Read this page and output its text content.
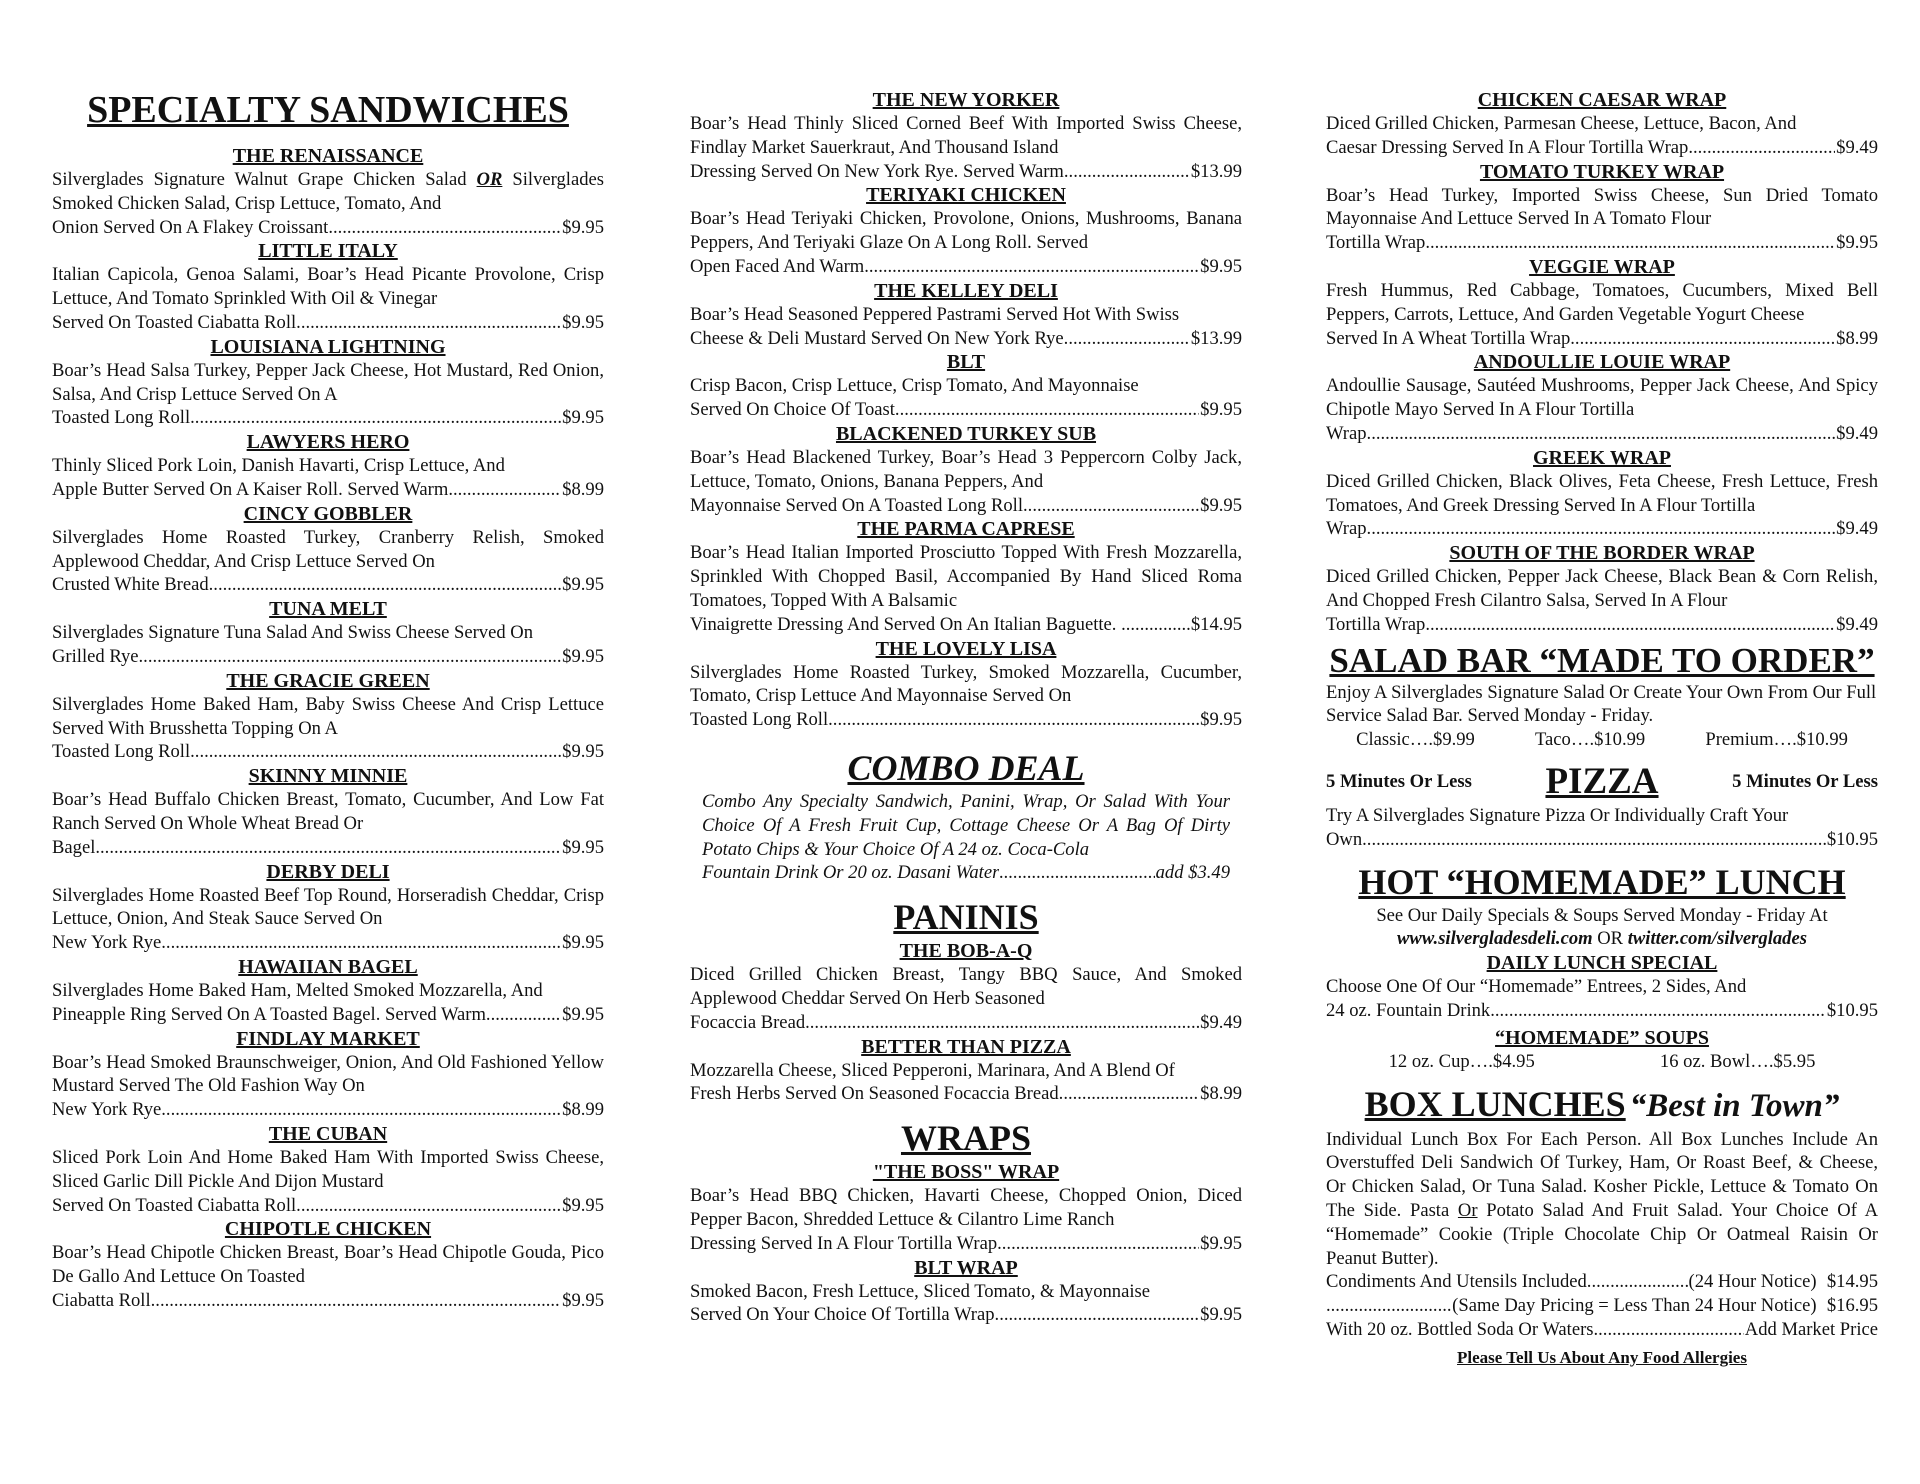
SPECIALTY SANDWICHES
THE RENAISSANCE

Silverglades Signature Walnut Grape Chicken Salad OR Silverglades Smoked Chicken Salad, Crisp Lettuce, Tomato, And

Onion Served On A Flakey Croissant .....	$9.95
LITTLE ITALY

Italian Capicola, Genoa Salami, Boar’s Head Picante Provolone, Crisp Lettuce, And Tomato Sprinkled With Oil & Vinegar

Served On Toasted Ciabatta Roll .....	$9.95
LOUISIANA LIGHTNING

Boar’s Head Salsa Turkey, Pepper Jack Cheese, Hot Mustard, Red Onion, Salsa, And Crisp Lettuce Served On A

Toasted Long Roll .....	$9.95
LAWYERS HERO

Thinly Sliced Pork Loin, Danish Havarti, Crisp Lettuce, And

Apple Butter Served On A Kaiser Roll. Served Warm .....	$8.99
CINCY GOBBLER

Silverglades Home Roasted Turkey, Cranberry Relish, Smoked Applewood Cheddar, And Crisp Lettuce Served On

Crusted White Bread .....	$9.95
TUNA MELT

Silverglades Signature Tuna Salad And Swiss Cheese Served On

Grilled Rye .....	$9.95
THE GRACIE GREEN

Silverglades Home Baked Ham, Baby Swiss Cheese And Crisp Lettuce Served With Brusshetta Topping On A

Toasted Long Roll .....	$9.95
SKINNY MINNIE

Boar’s Head Buffalo Chicken Breast, Tomato, Cucumber, And Low Fat Ranch Served On Whole Wheat Bread Or

Bagel .....	$9.95
DERBY DELI

Silverglades Home Roasted Beef Top Round, Horseradish Cheddar, Crisp Lettuce, Onion, And Steak Sauce Served On

New York Rye .....	$9.95
HAWAIIAN BAGEL

Silverglades Home Baked Ham, Melted Smoked Mozzarella, And

Pineapple Ring Served On A Toasted Bagel. Served Warm. .....	$9.95
FINDLAY MARKET

Boar’s Head Smoked Braunschweiger, Onion, And Old Fashioned Yellow Mustard Served The Old Fashion Way On

New York Rye .....	$8.99
THE CUBAN

Sliced Pork Loin And Home Baked Ham With Imported Swiss Cheese, Sliced Garlic Dill Pickle And Dijon Mustard

Served On Toasted Ciabatta Roll .....	$9.95
CHIPOTLE CHICKEN

Boar’s Head Chipotle Chicken Breast, Boar’s Head Chipotle Gouda, Pico De Gallo And Lettuce On Toasted

Ciabatta Roll .....	$9.95
THE NEW YORKER

Boar’s Head Thinly Sliced Corned Beef With Imported Swiss Cheese, Findlay Market Sauerkraut, And Thousand Island

Dressing Served On New York Rye. Served Warm .....	$13.99
TERIYAKI CHICKEN

Boar’s Head Teriyaki Chicken, Provolone, Onions, Mushrooms, Banana Peppers, And Teriyaki Glaze On A Long Roll. Served

Open Faced And Warm .....	$9.95
THE KELLEY DELI

Boar’s Head Seasoned Peppered Pastrami Served Hot With Swiss

Cheese & Deli Mustard Served On New York Rye .....	$13.99
BLT

Crisp Bacon, Crisp Lettuce, Crisp Tomato, And Mayonnaise

Served On Choice Of Toast .....	$9.95
BLACKENED TURKEY SUB

Boar’s Head Blackened Turkey, Boar’s Head 3 Peppercorn Colby Jack, Lettuce, Tomato, Onions, Banana Peppers, And

Mayonnaise Served On A Toasted Long Roll .....	$9.95
THE PARMA CAPRESE

Boar’s Head Italian Imported Prosciutto Topped With Fresh Mozzarella, Sprinkled With Chopped Basil, Accompanied By Hand Sliced Roma Tomatoes, Topped With A Balsamic

Vinaigrette Dressing And Served On An Italian Baguette. . .....	$14.95
THE LOVELY LISA

Silverglades Home Roasted Turkey, Smoked Mozzarella, Cucumber, Tomato, Crisp Lettuce And Mayonnaise Served On

Toasted Long Roll .....	$9.95
COMBO DEAL

Combo Any Specialty Sandwich, Panini, Wrap, Or Salad With Your Choice Of A Fresh Fruit Cup, Cottage Cheese Or A Bag Of Dirty Potato Chips & Your Choice Of A 24 oz. Coca-Cola

Fountain Drink Or 20 oz. Dasani Water .....	add $3.49
PANINIS
THE BOB-A-Q

Diced Grilled Chicken Breast, Tangy BBQ Sauce, And Smoked Applewood Cheddar Served On Herb Seasoned

Focaccia Bread .....	$9.49
BETTER THAN PIZZA

Mozzarella Cheese, Sliced Pepperoni, Marinara, And A Blend Of

Fresh Herbs Served On Seasoned Focaccia Bread .....	$8.99
WRAPS
"THE BOSS" WRAP

Boar’s Head BBQ Chicken, Havarti Cheese, Chopped Onion, Diced Pepper Bacon, Shredded Lettuce & Cilantro Lime Ranch

Dressing Served In A Flour Tortilla Wrap .....	$9.95
BLT WRAP

Smoked Bacon, Fresh Lettuce, Sliced Tomato, & Mayonnaise

Served On Your Choice Of Tortilla Wrap .....	$9.95
CHICKEN CAESAR WRAP

Diced Grilled Chicken, Parmesan Cheese, Lettuce, Bacon, And

Caesar Dressing Served In A Flour Tortilla Wrap .....	$9.49
TOMATO TURKEY WRAP

Boar’s Head Turkey, Imported Swiss Cheese, Sun Dried Tomato Mayonnaise And Lettuce Served In A Tomato Flour

Tortilla Wrap .....	$9.95
VEGGIE WRAP

Fresh Hummus, Red Cabbage, Tomatoes, Cucumbers, Mixed Bell Peppers, Carrots, Lettuce, And Garden Vegetable Yogurt Cheese

Served In A Wheat Tortilla Wrap .....	$8.99
ANDOULLIE LOUIE WRAP

Andoullie Sausage, Sautéed Mushrooms, Pepper Jack Cheese, And Spicy Chipotle Mayo Served In A Flour Tortilla

Wrap .....	$9.49
GREEK WRAP

Diced Grilled Chicken, Black Olives, Feta Cheese, Fresh Lettuce, Fresh Tomatoes, And Greek Dressing Served In A Flour Tortilla

Wrap .....	$9.49
SOUTH OF THE BORDER WRAP

Diced Grilled Chicken, Pepper Jack Cheese, Black Bean & Corn Relish, And Chopped Fresh Cilantro Salsa, Served In A Flour

Tortilla Wrap .....	$9.49
SALAD BAR “MADE TO ORDER”

Enjoy A Silverglades Signature Salad Or Create Your Own From Our Full Service Salad Bar. Served Monday - Friday.

Classic….$9.99	Taco….$10.99	Premium….$10.99
5 Minutes Or Less PIZZA	5 Minutes Or Less

Try A Silverglades Signature Pizza Or Individually Craft Your

Own .....	$10.95
HOT “HOMEMADE” LUNCH

See Our Daily Specials & Soups Served Monday - Friday At

www.silvergladesdeli.com OR twitter.com/silverglades

DAILY LUNCH SPECIAL

Choose One Of Our “Homemade” Entrees, 2 Sides, And

24 oz. Fountain Drink .....	$10.95
“HOMEMADE” SOUPS
12 oz. Cup….$4.95	16 oz. Bowl….$5.95
BOX LUNCHES “Best in Town”

Individual Lunch Box For Each Person. All Box Lunches Include An Overstuffed Deli Sandwich Of Turkey, Ham, Or Roast Beef, & Cheese, Or Chicken Salad, Or Tuna Salad. Kosher Pickle, Lettuce & Tomato On The Side. Pasta Or Potato Salad And Fruit Salad. Your Choice Of A “Homemade” Cookie (Triple Chocolate Chip Or Oatmeal Raisin Or Peanut Butter).

Condiments And Utensils Included. .....	(24 Hour Notice)
$14.95
.....
(Same Day Pricing = Less Than 24 Hour Notice)
$16.95
With 20 oz. Bottled Soda Or Waters .....	Add Market Price
Please Tell Us About Any Food Allergies
